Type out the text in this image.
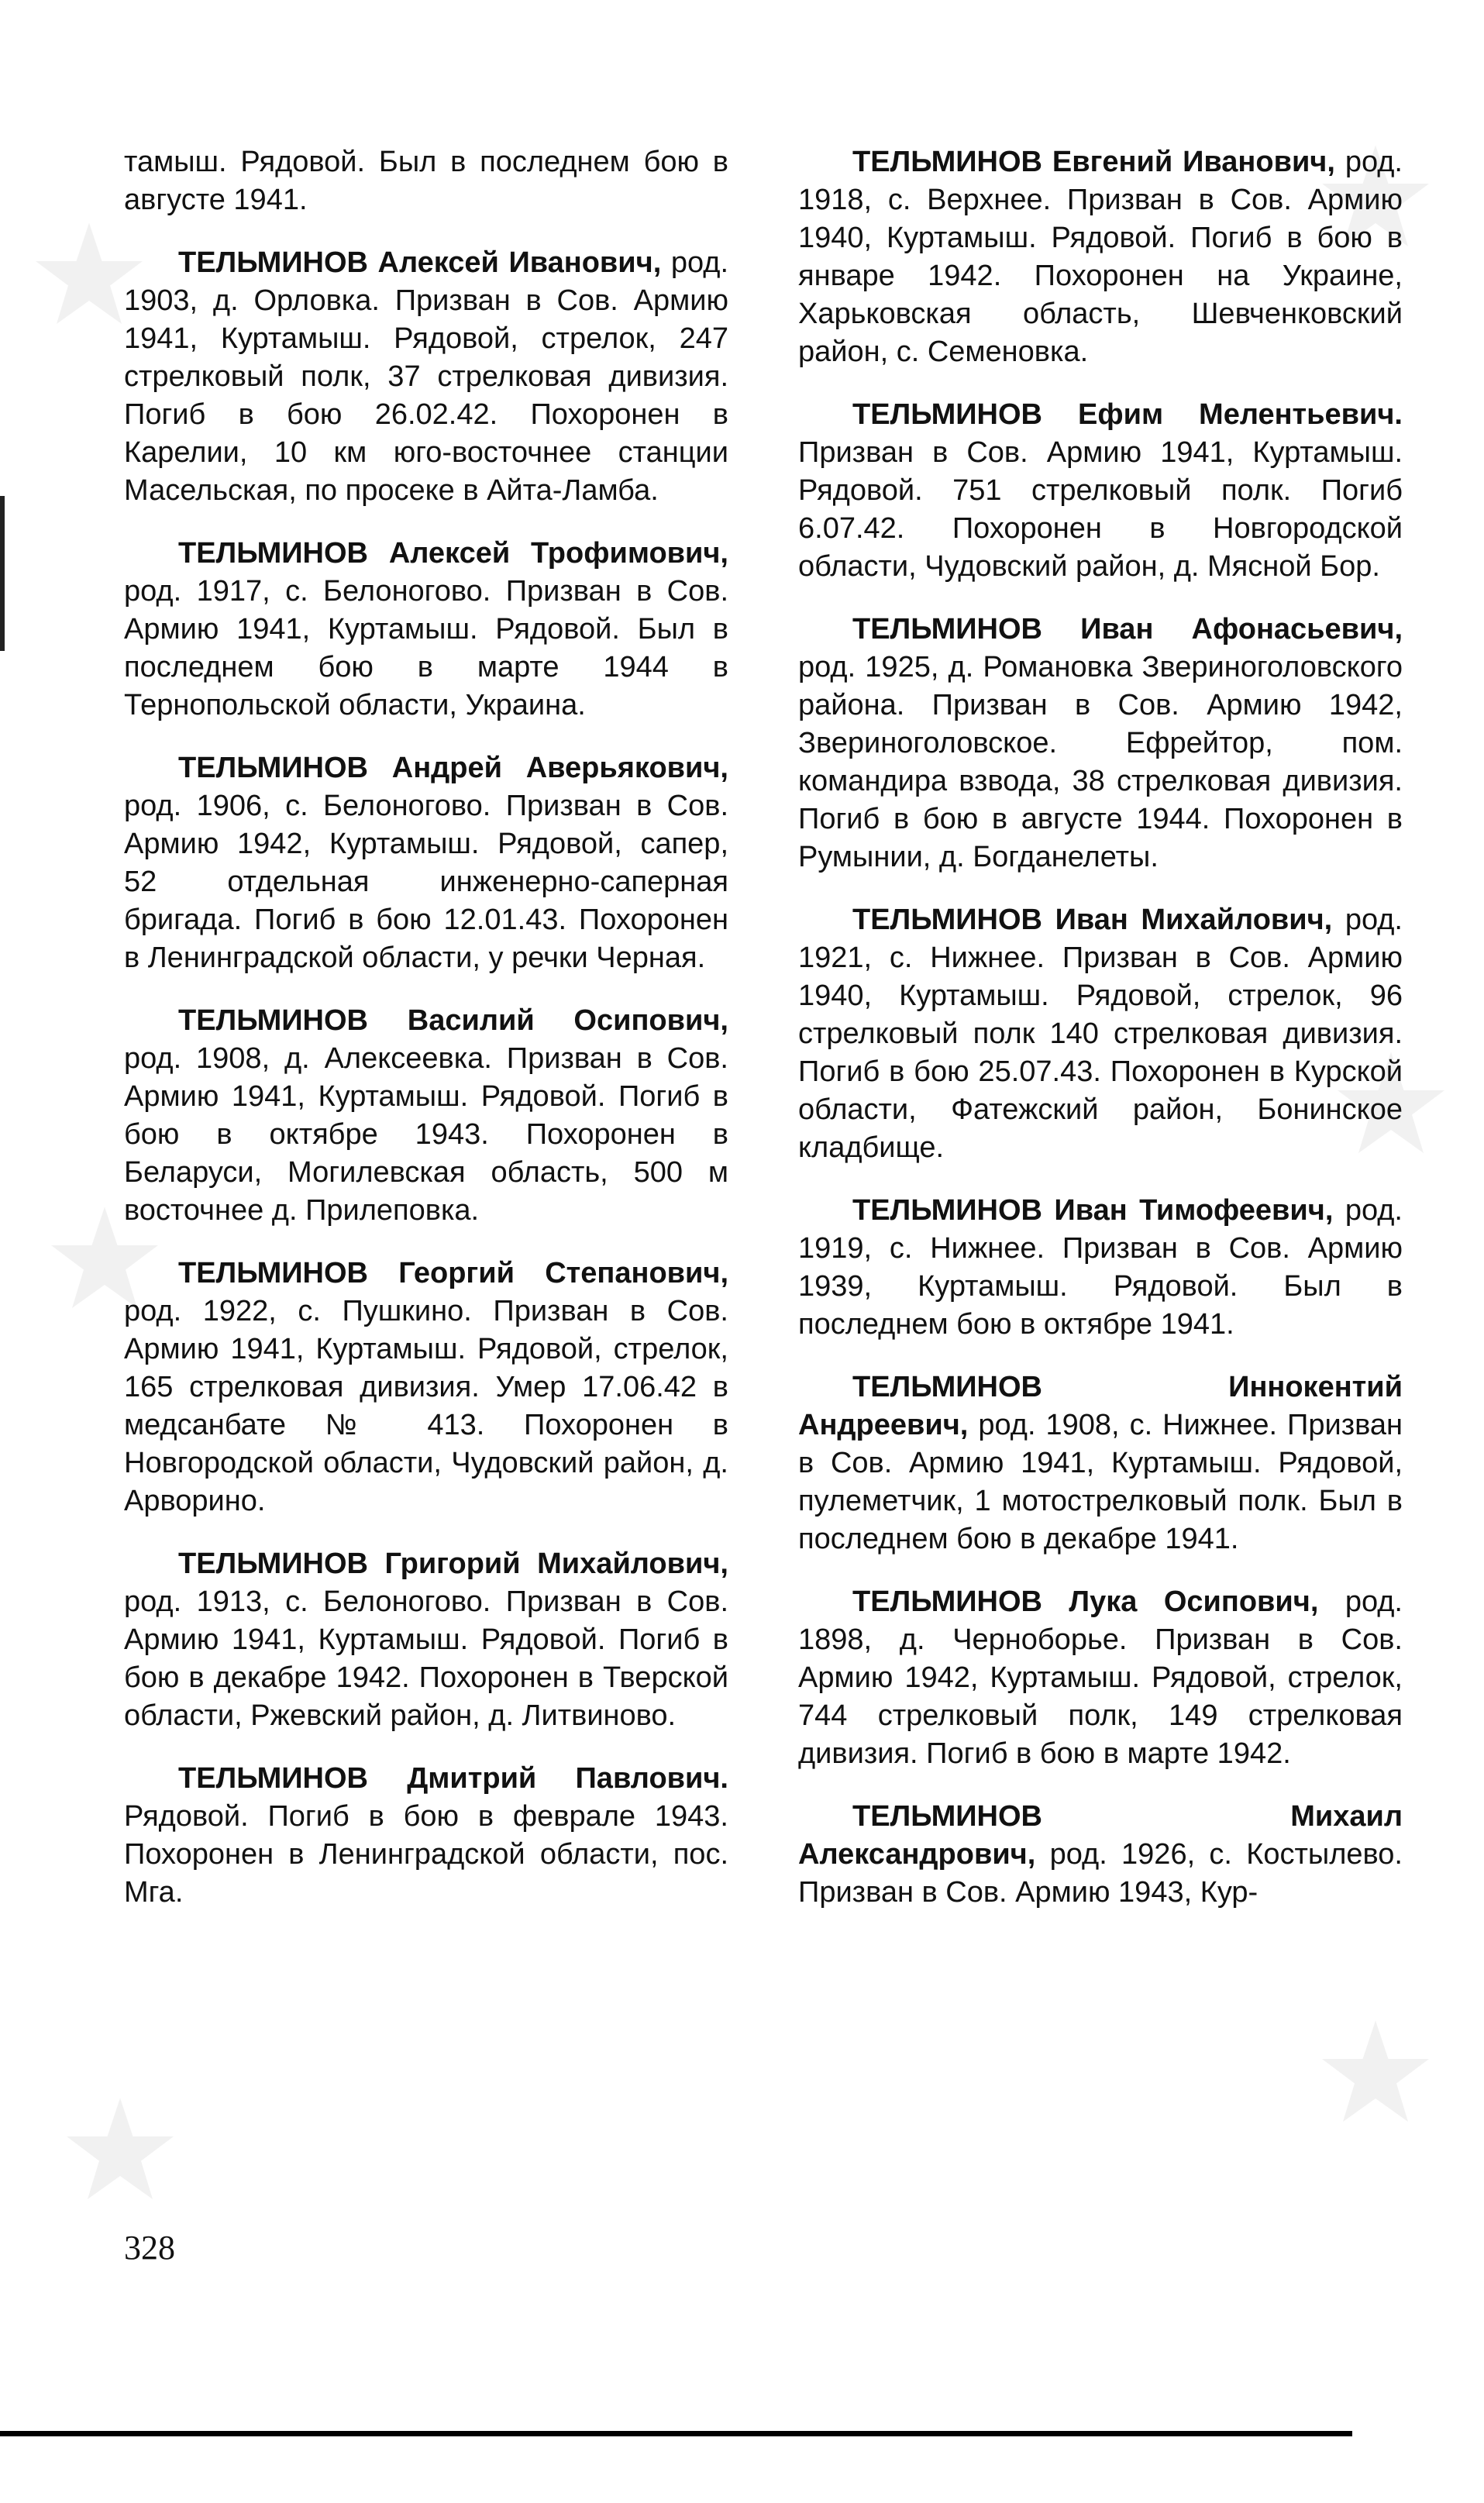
тамыш. Рядовой. Был в последнем бою в августе 1941.

ТЕЛЬМИНОВ Алексей Иванович, род. 1903, д. Орловка. Призван в Сов. Армию 1941, Куртамыш. Рядовой, стрелок, 247 стрелковый полк, 37 стрелковая дивизия. Погиб в бою 26.02.42. Похоронен в Карелии, 10 км юго-восточнее станции Масельская, по просеке в Айта-Ламба.

ТЕЛЬМИНОВ Алексей Трофимович, род. 1917, с. Белоногово. Призван в Сов. Армию 1941, Куртамыш. Рядовой. Был в последнем бою в марте 1944 в Тернопольской области, Украина.

ТЕЛЬМИНОВ Андрей Аверьякович, род. 1906, с. Белоногово. Призван в Сов. Армию 1942, Куртамыш. Рядовой, сапер, 52 отдельная инженерно-саперная бригада. Погиб в бою 12.01.43. Похоронен в Ленинградской области, у речки Черная.

ТЕЛЬМИНОВ Василий Осипович, род. 1908, д. Алексеевка. Призван в Сов. Армию 1941, Куртамыш. Рядовой. Погиб в бою в октябре 1943. Похоронен в Беларуси, Могилевская область, 500 м восточнее д. Прилеповка.

ТЕЛЬМИНОВ Георгий Степанович, род. 1922, с. Пушкино. Призван в Сов. Армию 1941, Куртамыш. Рядовой, стрелок, 165 стрелковая дивизия. Умер 17.06.42 в медсанбате № 413. Похоронен в Новгородской области, Чудовский район, д. Арворино.

ТЕЛЬМИНОВ Григорий Михайлович, род. 1913, с. Белоногово. Призван в Сов. Армию 1941, Куртамыш. Рядовой. Погиб в бою в декабре 1942. Похоронен в Тверской области, Ржевский район, д. Литвиново.

ТЕЛЬМИНОВ Дмитрий Павлович. Рядовой. Погиб в бою в феврале 1943. Похоронен в Ленинградской области, пос. Мга.

ТЕЛЬМИНОВ Евгений Иванович, род. 1918, с. Верхнее. Призван в Сов. Армию 1940, Куртамыш. Рядовой. Погиб в бою в январе 1942. Похоронен на Украине, Харьковская область, Шевченковский район, с. Семеновка.

ТЕЛЬМИНОВ Ефим Мелентьевич. Призван в Сов. Армию 1941, Куртамыш. Рядовой. 751 стрелковый полк. Погиб 6.07.42. Похоронен в Новгородской области, Чудовский район, д. Мясной Бор.

ТЕЛЬМИНОВ Иван Афонасьевич, род. 1925, д. Романовка Звериноголовского района. Призван в Сов. Армию 1942, Звериноголовское. Ефрейтор, пом. командира взвода, 38 стрелковая дивизия. Погиб в бою в августе 1944. Похоронен в Румынии, д. Богданелеты.

ТЕЛЬМИНОВ Иван Михайлович, род. 1921, с. Нижнее. Призван в Сов. Армию 1940, Куртамыш. Рядовой, стрелок, 96 стрелковый полк 140 стрелковая дивизия. Погиб в бою 25.07.43. Похоронен в Курской области, Фатежский район, Бонинское кладбище.

ТЕЛЬМИНОВ Иван Тимофеевич, род. 1919, с. Нижнее. Призван в Сов. Армию 1939, Куртамыш. Рядовой. Был в последнем бою в октябре 1941.

ТЕЛЬМИНОВ Иннокентий Андреевич, род. 1908, с. Нижнее. Призван в Сов. Армию 1941, Куртамыш. Рядовой, пулеметчик, 1 мотострелковый полк. Был в последнем бою в декабре 1941.

ТЕЛЬМИНОВ Лука Осипович, род. 1898, д. Черноборье. Призван в Сов. Армию 1942, Куртамыш. Рядовой, стрелок, 744 стрелковый полк, 149 стрелковая дивизия. Погиб в бою в марте 1942.

ТЕЛЬМИНОВ Михаил Александрович, род. 1926, с. Костылево. Призван в Сов. Армию 1943, Кур-

328
